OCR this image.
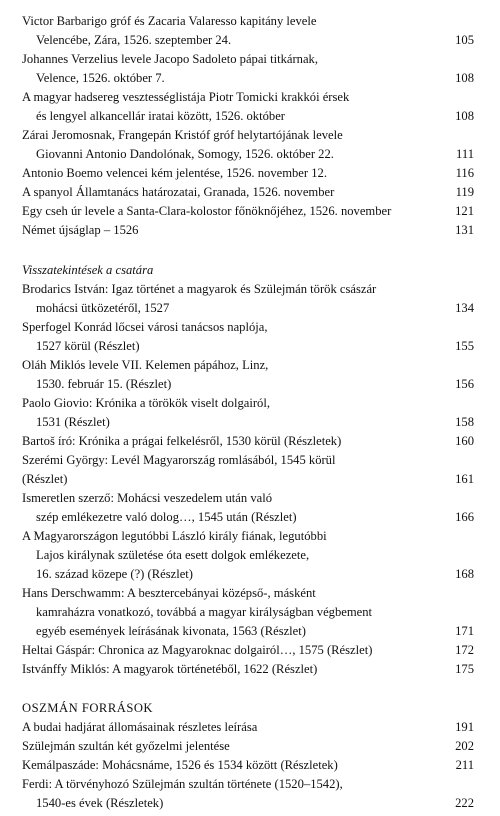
Victor Barbarigo gróf és Zacaria Valaresso kapitány levele
Velencébe, Zára, 1526. szeptember 24.	105
Johannes Verzelius levele Jacopo Sadoleto pápai titkárnak,
Velence, 1526. október 7.	108
A magyar hadsereg vesztességlistája Piotr Tomicki krakkói érsek
és lengyel alkancellár iratai között, 1526. október	108
Zárai Jeromosnak, Frangepán Kristóf gróf helytartójának levele
Giovanni Antonio Dandolónak, Somogy, 1526. október 22.	111
Antonio Boemo velencei kém jelentése, 1526. november 12.	116
A spanyol Államtanács határozatai, Granada, 1526. november	119
Egy cseh úr levele a Santa-Clara-kolostor főnöknőjéhez, 1526. november	121
Német újságlap – 1526	131
Visszatekintések a csatára
Brodarics István: Igaz történet a magyarok és Szülejmán török császár
mohácsi ütközetéről, 1527	134
Sperfogel Konrád lőcsei városi tanácsos naplója,
1527 körül (Részlet)	155
Oláh Miklós levele VII. Kelemen pápához, Linz,
1530. február 15. (Részlet)	156
Paolo Giovio: Krónika a törökök viselt dolgairól,
1531 (Részlet)	158
Bartoš író: Krónika a prágai felkelésről, 1530 körül (Részletek)	160
Szerémi György: Levél Magyarország romlásából, 1545 körül
(Részlet)	161
Ismeretlen szerző: Mohácsi veszedelem után való
szép emlékezetre való dolog…, 1545 után (Részlet)	166
A Magyarországon legutóbbi László király fiának, legutóbbi
Lajos királynak születése óta esett dolgok emlékezete,
16. század közepe (?) (Részlet)	168
Hans Derschwamm: A besztercebányai középső-, másként
kamraházra vonatkozó, továbbá a magyar királyságban végbement
egyéb események leírásának kivonata, 1563 (Részlet)	171
Heltai Gáspár: Chronica az Magyaroknac dolgairól…, 1575 (Részlet)	172
Istvánffy Miklós: A magyarok történetéből, 1622 (Részlet)	175
OSZMÁN FORRÁSOK
A budai hadjárat állomásainak részletes leírása	191
Szülejmán szultán két győzelmi jelentése	202
Kemálpaszáde: Mohácsnáme, 1526 és 1534 között (Részletek)	211
Ferdi: A törvényhozó Szülejmán szultán története (1520–1542),
1540-es évek (Részletek)	222
